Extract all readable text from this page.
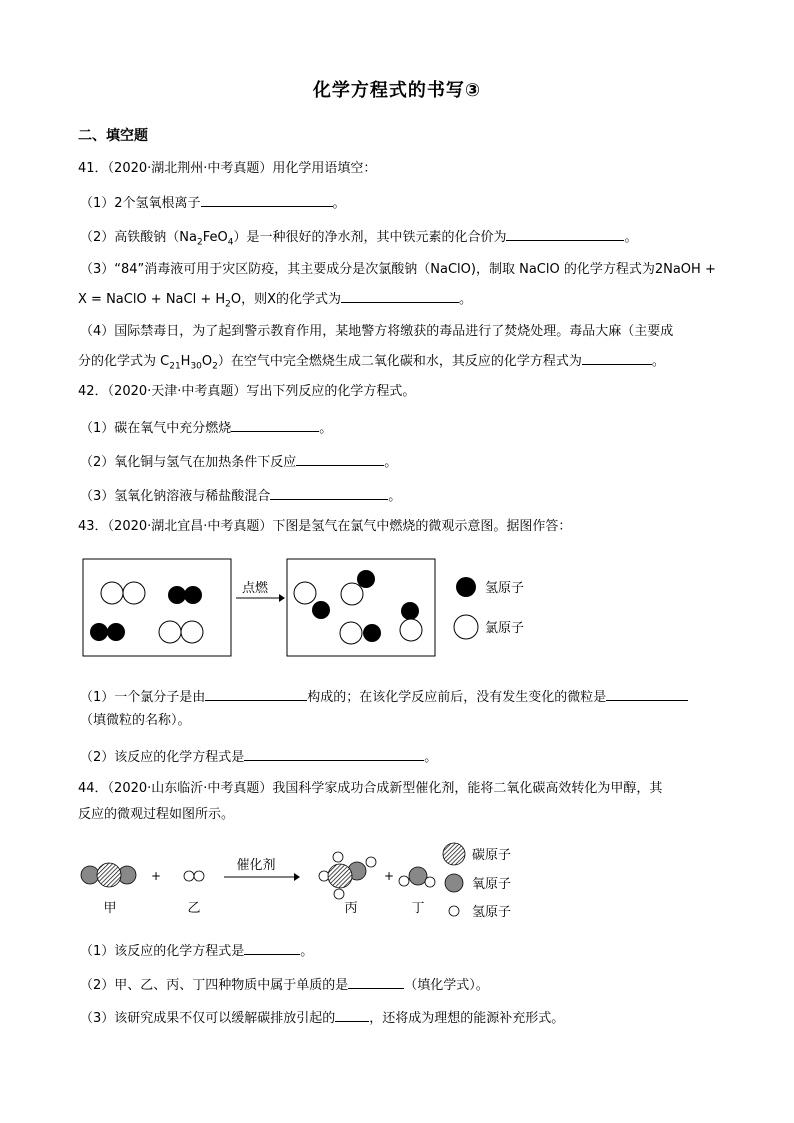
化学方程式的书写③
二、填空题
41．（2020·湖北荆州·中考真题）用化学用语填空：
（1）2个氢氧根离子	。
（2）高铁酸钠$(Na_2FeO_4)$是一种很好的净水剂，其中铁元素的化合价为	。
（3）“84”消毒液可用于灾区防疫，其主要成分是次氯酸钠（NaClO)，制取 NaClO 的化学方程式为2NaOH +
X = NaClO + NaCl + $H_2O$，则X的化学式为	。
（4）国际禁毒日，为了起到警示教育作用，某地警方将缴获的毒品进行了焚烧处理。毒品大麻（主要成
分的化学式为 $C_{21}H_{30}O_2$）在空气中完全燃烧生成二氧化碳和水，其反应的化学方程式为	。
42．（2020·天津·中考真题）写出下列反应的化学方程式。
（1）碳在氧气中充分燃烧	。
（2）氧化铜与氢气在加热条件下反应	。
（3）氢氧化钠溶液与稀盐酸混合	。
43．（2020·湖北宜昌·中考真题）下图是氢气在氯气中燃烧的微观示意图。据图作答：
点燃	氢原子
氯原子
+
催化剂
+
甲	乙	丙	丁
碳原子
氧原子
氢原子
（1）一个氯分子是由	构成的；在该化学反应前后，没有发生变化的微粒是
（填微粒的名称）。
（2）该反应的化学方程式是	。
44．（2020·山东临沂·中考真题）我国科学家成功合成新型催化剂，能将二氧化碳高效转化为甲醇，其
反应的微观过程如图所示。
（1）该反应的化学方程式是	。
（2）甲、乙、丙、丁四种物质中属于单质的是	（填化学式）。
（3）该研究成果不仅可以缓解碳排放引起的	，还将成为理想的能源补充形式。
